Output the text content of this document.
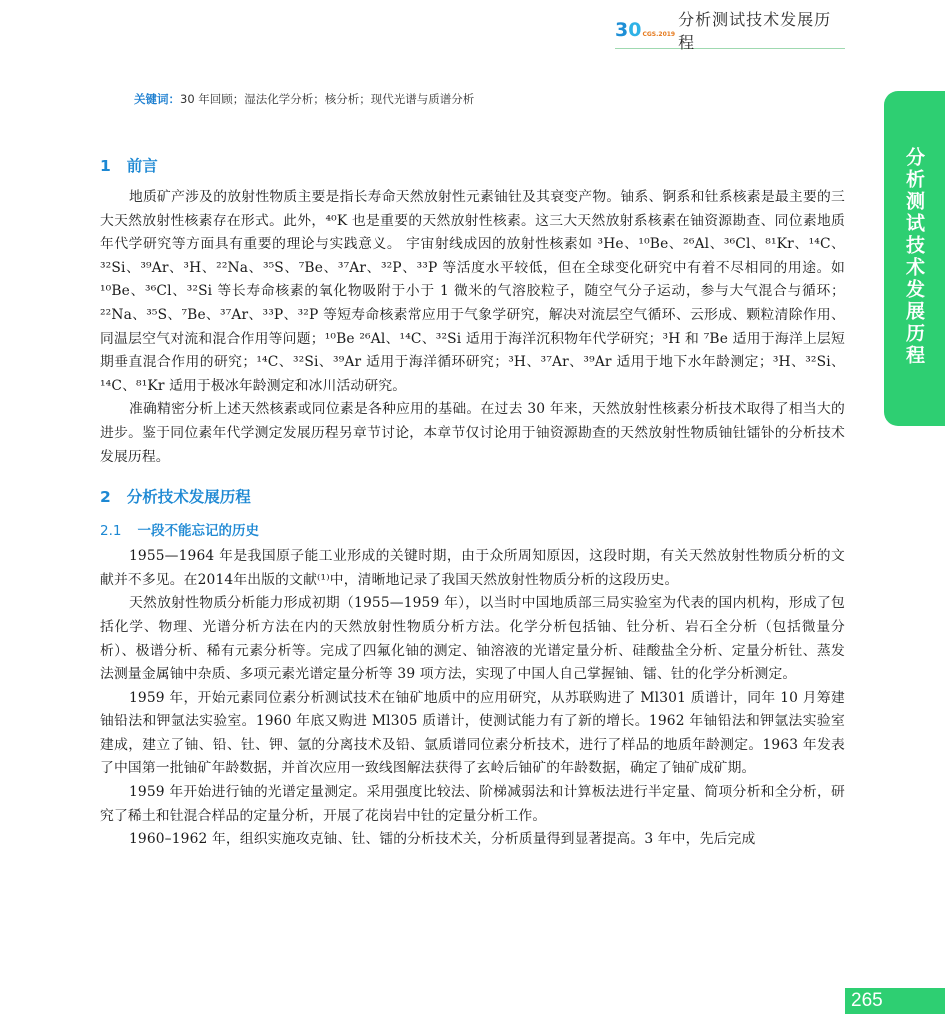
3 0 CGS.2019
分析测试技术发展历程
分析测试技术发展历程
关键词：30 年回顾；湿法化学分析；核分析；现代光谱与质谱分析
1 前言

地质矿产涉及的放射性物质主要是指长寿命天然放射性元素铀钍及其衰变产物。铀系、锕系和钍系核素是最主要的三大天然放射性核素存在形式。此外，⁴⁰K 也是重要的天然放射性核素。这三大天然放射系核素在铀资源勘查、同位素地质年代学研究等方面具有重要的理论与实践意义。 宇宙射线成因的放射性核素如 ³He、¹⁰Be、²⁶Al、³⁶Cl、⁸¹Kr、¹⁴C、³²Si、³⁹Ar、³H、²²Na、³⁵S、⁷Be、³⁷Ar、³²P、³³P 等活度水平较低，但在全球变化研究中有着不尽相同的用途。如 ¹⁰Be、³⁶Cl、³²Si 等长寿命核素的氧化物吸附于小于 1 微米的气溶胶粒子，随空气分子运动，参与大气混合与循环；²²Na、³⁵S、⁷Be、³⁷Ar、³³P、³²P 等短寿命核素常应用于气象学研究，解决对流层空气循环、云形成、颗粒清除作用、同温层空气对流和混合作用等问题；¹⁰Be ²⁶Al、¹⁴C、³²Si 适用于海洋沉积物年代学研究；³H 和 ⁷Be 适用于海洋上层短期垂直混合作用的研究；¹⁴C、³²Si、³⁹Ar 适用于海洋循环研究；³H、³⁷Ar、³⁹Ar 适用于地下水年龄测定；³H、³²Si、¹⁴C、⁸¹Kr 适用于极冰年龄测定和冰川活动研究。

准确精密分析上述天然核素或同位素是各种应用的基础。在过去 30 年来，天然放射性核素分析技术取得了相当大的进步。鉴于同位素年代学测定发展历程另章节讨论，本章节仅讨论用于铀资源勘查的天然放射性物质铀钍镭钋的分析技术发展历程。

2 分析技术发展历程
2.1 一段不能忘记的历史

1955—1964 年是我国原子能工业形成的关键时期，由于众所周知原因，这段时期，有关天然放射性物质分析的文献并不多见。在2014年出版的文献⁽¹⁾中，清晰地记录了我国天然放射性物质分析的这段历史。

天然放射性物质分析能力形成初期（1955—1959 年），以当时中国地质部三局实验室为代表的国内机构，形成了包括化学、物理、光谱分析方法在内的天然放射性物质分析方法。化学分析包括铀、钍分析、岩石全分析（包括微量分析）、极谱分析、稀有元素分析等。完成了四氟化铀的测定、铀溶液的光谱定量分析、硅酸盐全分析、定量分析钍、蒸发法测量金属铀中杂质、多项元素光谱定量分析等 39 项方法，实现了中国人自己掌握铀、镭、钍的化学分析测定。

1959 年，开始元素同位素分析测试技术在铀矿地质中的应用研究，从苏联购进了 Ml301 质谱计，同年 10 月筹建铀铅法和钾氩法实验室。1960 年底又购进 Ml305 质谱计，使测试能力有了新的增长。1962 年铀铅法和钾氩法实验室建成，建立了铀、铅、钍、钾、氩的分离技术及铅、氩质谱同位素分析技术，进行了样品的地质年龄测定。1963 年发表了中国第一批铀矿年龄数据，并首次应用一致线图解法获得了玄岭后铀矿的年龄数据，确定了铀矿成矿期。

1959 年开始进行铀的光谱定量测定。采用强度比较法、阶梯减弱法和计算板法进行半定量、简项分析和全分析，研究了稀土和钍混合样品的定量分析，开展了花岗岩中钍的定量分析工作。

1960–1962 年，组织实施攻克铀、钍、镭的分析技术关，分析质量得到显著提高。3 年中，先后完成

265
